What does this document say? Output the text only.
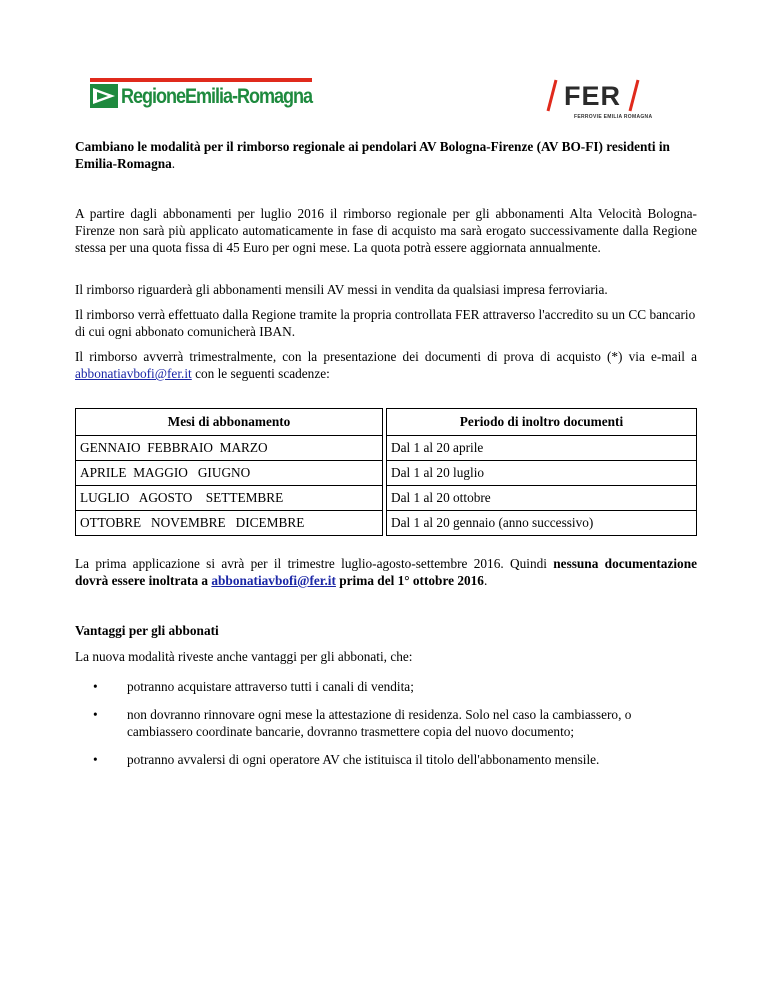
RegioneEmilia-Romagna	FER
FERROVIE EMILIA ROMAGNA
Cambiano le modalità per il rimborso regionale ai pendolari AV Bologna-Firenze (AV BO-FI) residenti in Emilia-Romagna.
A partire dagli abbonamenti per luglio 2016 il rimborso regionale per gli abbonamenti Alta Velocità Bologna-Firenze non sarà più applicato automaticamente in fase di acquisto ma sarà erogato successivamente dalla Regione stessa per una quota fissa di 45 Euro per ogni mese. La quota potrà essere aggiornata annualmente.
Il rimborso riguarderà gli abbonamenti mensili AV messi in vendita da qualsiasi impresa ferroviaria.
Il rimborso verrà effettuato dalla Regione tramite la propria controllata FER attraverso l'accredito su un CC bancario di cui ogni abbonato comunicherà IBAN.
Il rimborso avverrà trimestralmente, con la presentazione dei documenti di prova di acquisto (*) via e-mail a abbonatiavbofi@fer.it con le seguenti scadenze:
Mesi di abbonamento		Periodo di inoltro documenti
GENNAIO  FEBBRAIO  MARZO		Dal 1 al 20 aprile
APRILE  MAGGIO   GIUGNO		Dal 1 al 20 luglio
LUGLIO   AGOSTO    SETTEMBRE		Dal 1 al 20 ottobre
OTTOBRE   NOVEMBRE   DICEMBRE		Dal 1 al 20 gennaio (anno successivo)
La prima applicazione si avrà per il trimestre luglio-agosto-settembre 2016. Quindi nessuna documentazione dovrà essere inoltrata a abbonatiavbofi@fer.it prima del 1° ottobre 2016.
Vantaggi per gli abbonati
La nuova modalità riveste anche vantaggi per gli abbonati, che:
• potranno acquistare attraverso tutti i canali di vendita;
• non dovranno rinnovare ogni mese la attestazione di residenza. Solo nel caso la cambiassero, o cambiassero coordinate bancarie, dovranno trasmettere copia del nuovo documento;
• potranno avvalersi di ogni operatore AV che istituisca il titolo dell'abbonamento mensile.
